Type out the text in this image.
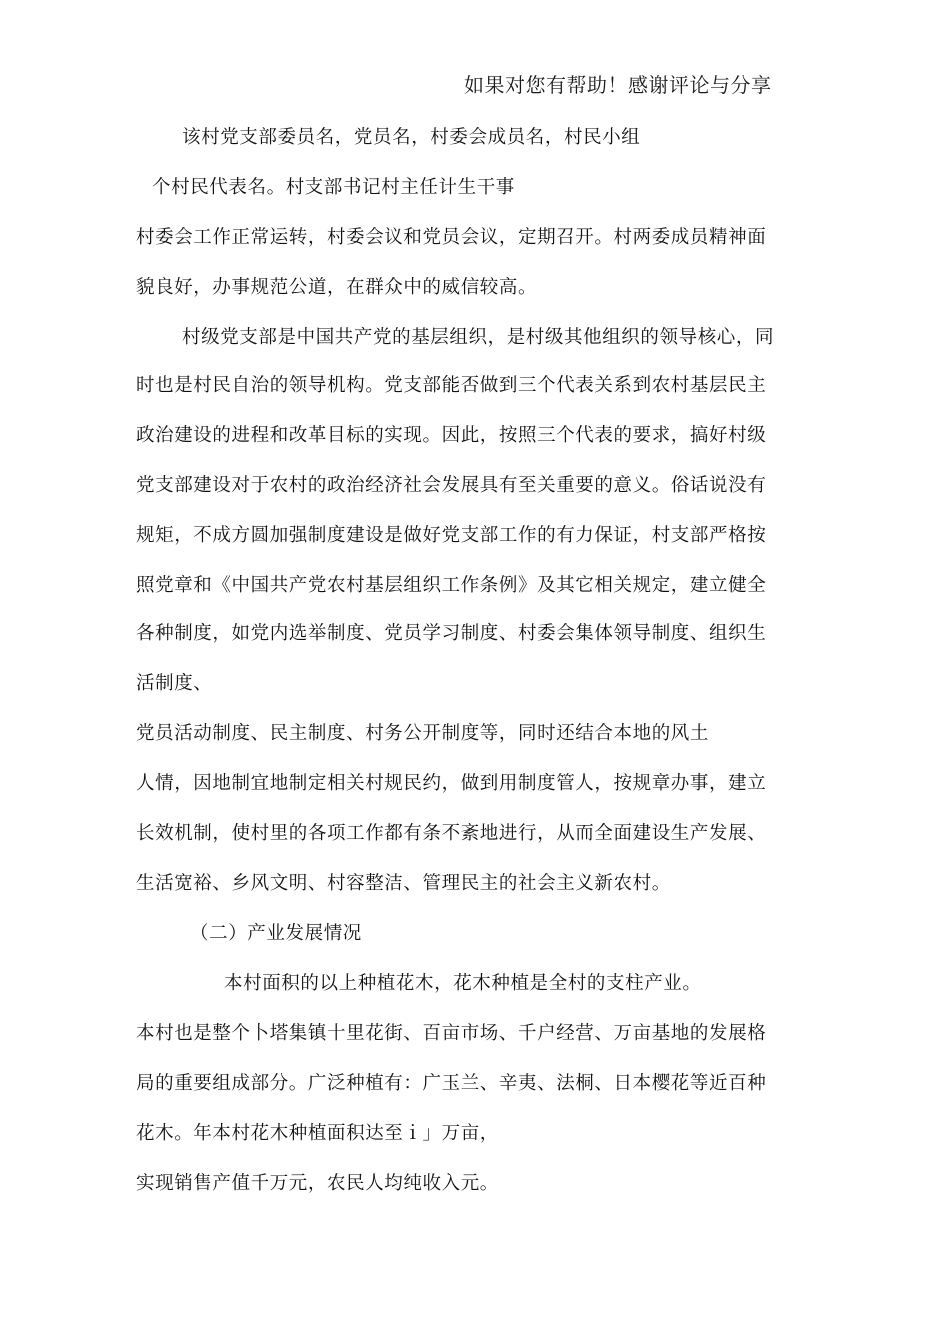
如果对您有帮助！感谢评论与分享
该村党支部委员名，党员名，村委会成员名，村民小组
个村民代表名。村支部书记村主任计生干事
村委会工作正常运转，村委会议和党员会议，定期召开。村两委成员精神面
貌良好，办事规范公道，在群众中的威信较高。
村级党支部是中国共产党的基层组织，是村级其他组织的领导核心，同
时也是村民自治的领导机构。党支部能否做到三个代表关系到农村基层民主
政治建设的进程和改革目标的实现。因此，按照三个代表的要求，搞好村级
党支部建设对于农村的政治经济社会发展具有至关重要的意义。俗话说没有
规矩，不成方圆加强制度建设是做好党支部工作的有力保证，村支部严格按
照党章和《中国共产党农村基层组织工作条例》及其它相关规定，建立健全
各种制度，如党内选举制度、党员学习制度、村委会集体领导制度、组织生
活制度、
党员活动制度、民主制度、村务公开制度等，同时还结合本地的风土
人情，因地制宜地制定相关村规民约，做到用制度管人，按规章办事，建立
长效机制，使村里的各项工作都有条不紊地进行，从而全面建设生产发展、
生活宽裕、乡风文明、村容整洁、管理民主的社会主义新农村。
（二）产业发展情况
本村面积的以上种植花木，花木种植是全村的支柱产业。
本村也是整个卜塔集镇十里花街、百亩市场、千户经营、万亩基地的发展格
局的重要组成部分。广泛种植有：广玉兰、辛夷、法桐、日本樱花等近百种
花木。年本村花木种植面积达至ｉ」万亩，
实现销售产值千万元，农民人均纯收入元。
